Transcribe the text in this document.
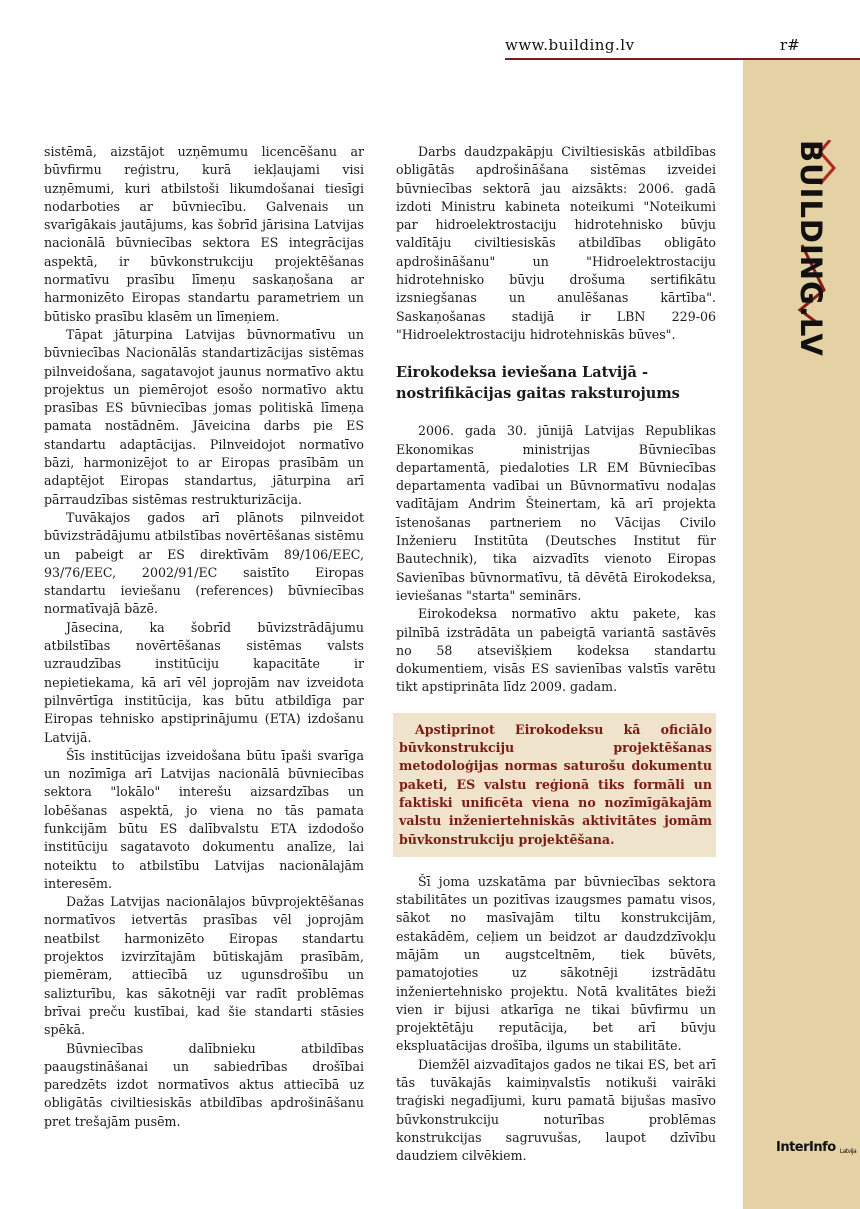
www.building.lv	r#
BUILDING.LV

sistēmā, aizstājot uzņēmumu licencēšanu ar būvfirmu reģistru, kurā iekļaujami visi uzņēmumi, kuri atbilstoši likumdošanai tiesīgi nodarboties ar būvniecību. Galvenais un svarīgākais jautājums, kas šobrīd jārisina Latvijas nacionālā būvniecības sektora ES integrācijas aspektā, ir būvkonstrukciju projektēšanas normatīvu prasību līmeņu saskaņošana ar harmonizēto Eiropas standartu parametriem un būtisko prasību klasēm un līmeņiem.

Tāpat jāturpina Latvijas būvnormatīvu un būvniecības Nacionālās standartizācijas sistēmas pilnveidošana, sagatavojot jaunus normatīvo aktu projektus un piemērojot esošo normatīvo aktu prasības ES būvniecības jomas politiskā līmeņa pamata nostādnēm. Jāveicina darbs pie ES standartu adaptācijas. Pilnveidojot normatīvo bāzi, harmonizējot to ar Eiropas prasībām un adaptējot Eiropas standartus, jāturpina arī pārraudzības sistēmas restrukturizācija.

Tuvākajos gados arī plānots pilnveidot būvizstrādājumu atbilstības novērtēšanas sistēmu un pabeigt ar ES direktīvām 89/106/EEC, 93/76/EEC, 2002/91/EC saistīto Eiropas standartu ieviešanu (references) būvniecības normatīvajā bāzē.

Jāsecina, ka šobrīd būvizstrādājumu atbilstības novērtēšanas sistēmas valsts uzraudzības institūciju kapacitāte ir nepietiekama, kā arī vēl joprojām nav izveidota pilnvērtīga institūcija, kas būtu atbildīga par Eiropas tehnisko apstiprinājumu (ETA) izdošanu Latvijā.

Šīs institūcijas izveidošana būtu īpaši svarīga un nozīmīga arī Latvijas nacionālā būvniecības sektora "lokālo" interešu aizsardzības un lobēšanas aspektā, jo viena no tās pamata funkcijām būtu ES dalībvalstu ETA izdodošo institūciju sagatavoto dokumentu analīze, lai noteiktu to atbilstību Latvijas nacionālajām interesēm.

Dažas Latvijas nacionālajos būvprojektēšanas normatīvos ietvertās prasības vēl joprojām neatbilst harmonizēto Eiropas standartu projektos izvirzītajām būtiskajām prasībām, piemēram, attiecībā uz ugunsdrošību un salizturību, kas sākotnēji var radīt problēmas brīvai preču kustībai, kad šie standarti stāsies spēkā.

Būvniecības dalībnieku atbildības paaugstināšanai un sabiedrības drošībai paredzēts izdot normatīvos aktus attiecībā uz obligātās civiltiesiskās atbildības apdrošināšanu pret trešajām pusēm.

Darbs daudzpakāpju Civiltiesiskās atbildības obligātās apdrošināšana sistēmas izveidei būvniecības sektorā jau aizsākts: 2006. gadā izdoti Ministru kabineta noteikumi "Noteikumi par hidroelektrostaciju hidrotehnisko būvju valdītāju civiltiesiskās atbildības obligāto apdrošināšanu" un "Hidroelektrostaciju hidrotehnisko būvju drošuma sertifikātu izsniegšanas un anulēšanas kārtība". Saskaņošanas stadijā ir LBN 229-06 "Hidroelektrostaciju hidrotehniskās būves".

Eirokodeksa ieviešana Latvijā - nostrifikācijas gaitas raksturojums

2006. gada 30. jūnijā Latvijas Republikas Ekonomikas ministrijas Būvniecības departamentā, piedaloties LR EM Būvniecības departamenta vadībai un Būvnormatīvu nodaļas vadītājam Andrim Šteinertam, kā arī projekta īstenošanas partneriem no Vācijas Civilo Inženieru Institūta (Deutsches Institut für Bautechnik), tika aizvadīts vienoto Eiropas Savienības būvnormatīvu, tā dēvētā Eirokodeksa, ieviešanas "starta" seminārs.

Eirokodeksa normatīvo aktu pakete, kas pilnībā izstrādāta un pabeigtā variantā sastāvēs no 58 atsevišķiem kodeksa standartu dokumentiem, visās ES savienības valstīs varētu tikt apstiprināta līdz 2009. gadam.

Apstiprinot Eirokodeksu kā oficiālo būvkonstrukciju projektēšanas metodoloģijas normas saturošu dokumentu paketi, ES valstu reģionā tiks formāli un faktiski unificēta viena no nozīmīgākajām valstu inženiertehniskās aktivitātes jomām būvkonstrukciju projektēšana.

Šī joma uzskatāma par būvniecības sektora stabilitātes un pozitīvas izaugsmes pamatu visos, sākot no masīvajām tiltu konstrukcijām, estakādēm, ceļiem un beidzot ar daudzdzīvokļu mājām un augstceltnēm, tiek būvēts, pamatojoties uz sākotnēji izstrādātu inženiertehnisko projektu. Notā kvalitātes bieži vien ir bijusi atkarīga ne tikai būvfirmu un projektētāju reputācija, bet arī būvju ekspluatācijas drošība, ilgums un stabilitāte.

Diemžēl aizvadītajos gados ne tikai ES, bet arī tās tuvākajās kaimiņvalstīs notikuši vairāki traģiski negadījumi, kuru pamatā bijušas masīvo būvkonstrukciju noturības problēmas konstrukcijas sagruvušas, laupot dzīvību daudziem cilvēkiem.

InterInfo Latvija
